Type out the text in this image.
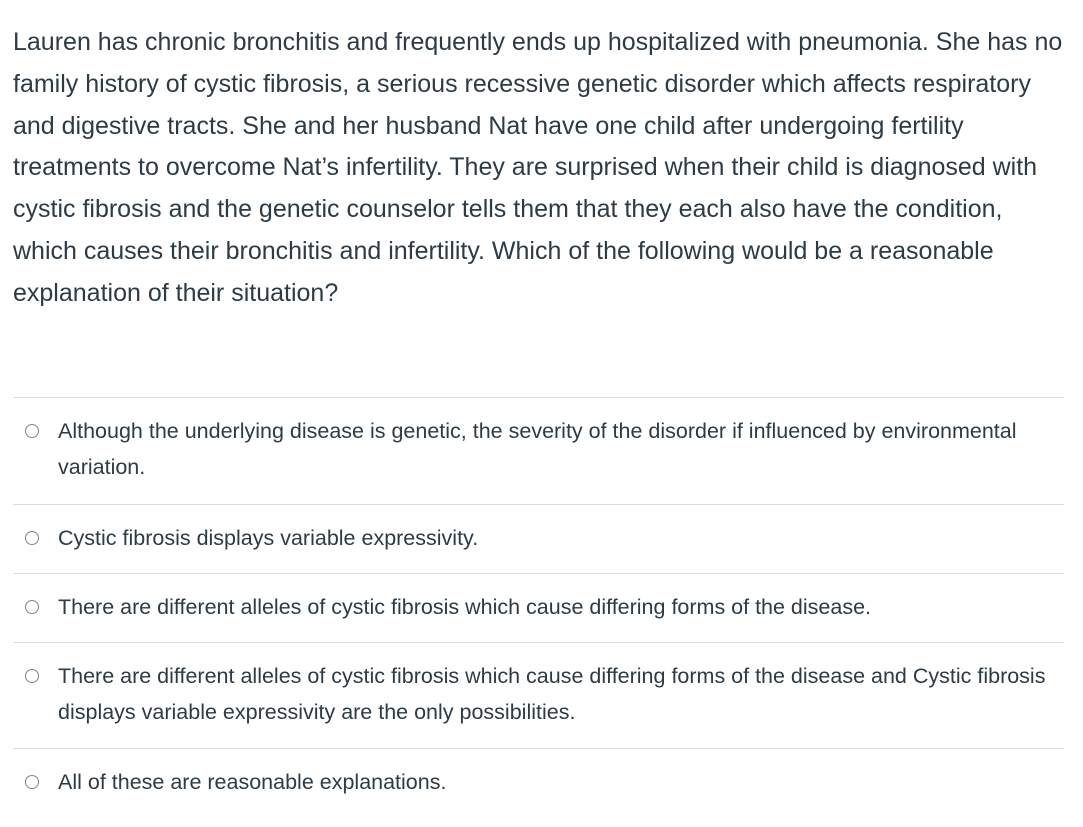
Lauren has chronic bronchitis and frequently ends up hospitalized with pneumonia. She has no family history of cystic fibrosis, a serious recessive genetic disorder which affects respiratory and digestive tracts. She and her husband Nat have one child after undergoing fertility treatments to overcome Nat’s infertility. They are surprised when their child is diagnosed with cystic fibrosis and the genetic counselor tells them that they each also have the condition, which causes their bronchitis and infertility. Which of the following would be a reasonable explanation of their situation?
Although the underlying disease is genetic, the severity of the disorder if influenced by environmental variation.
Cystic fibrosis displays variable expressivity.
There are different alleles of cystic fibrosis which cause differing forms of the disease.
There are different alleles of cystic fibrosis which cause differing forms of the disease and Cystic fibrosis displays variable expressivity are the only possibilities.
All of these are reasonable explanations.
